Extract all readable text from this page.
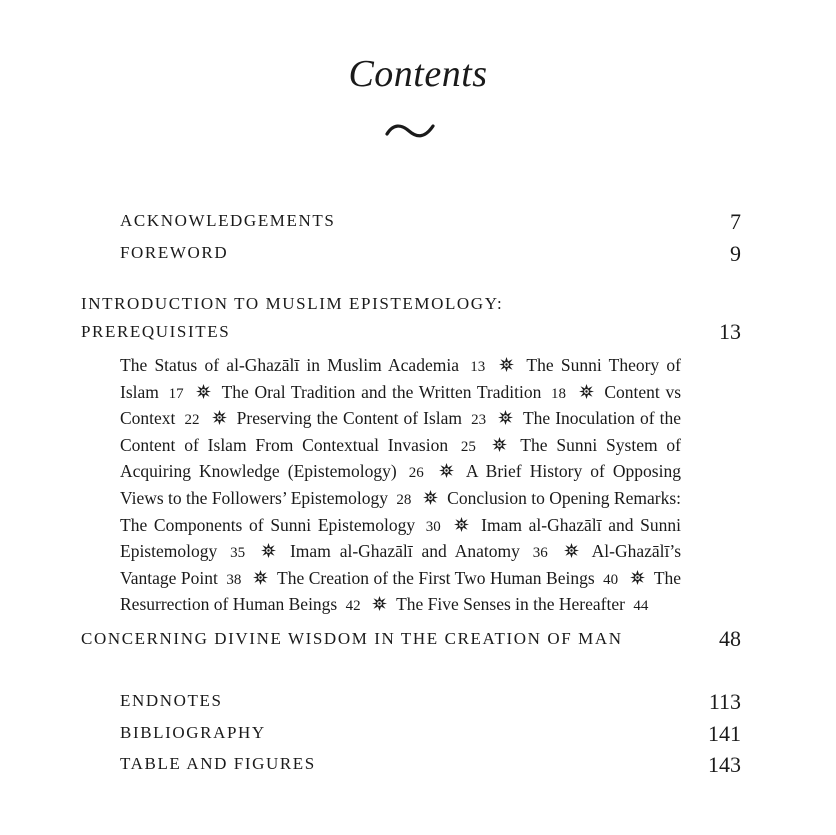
Contents
ACKNOWLEDGEMENTS	7
FOREWORD	9
INTRODUCTION TO MUSLIM EPISTEMOLOGY:
PREREQUISITES	13
The Status of al-Ghazālī in Muslim Academia 13 The Sunni Theory of Islam 17 The Oral Tradition and the Written Tradition 18 Content vs Context 22 Preserving the Content of Islam 23 The Inoculation of the Content of Islam From Contextual Invasion 25	The Sunni System of Acquiring Knowledge (Epistemology) 26 A Brief History of Opposing Views to the Followers’ Epistemology 28 Conclusion to Opening Remarks: The Components of Sunni Epistemology 30 Imam al-Ghazālī and Sunni Epistemology 35	Imam al-Ghazālī and Anatomy 36	Al-Ghazālī’s Vantage Point 38 The Creation of the First Two Human Beings 40 The Resurrection of Human Beings 42 The Five Senses in the Hereafter 44
CONCERNING DIVINE WISDOM IN THE CREATION OF MAN	48
ENDNOTES	113
BIBLIOGRAPHY	141
TABLE AND FIGURES	143
